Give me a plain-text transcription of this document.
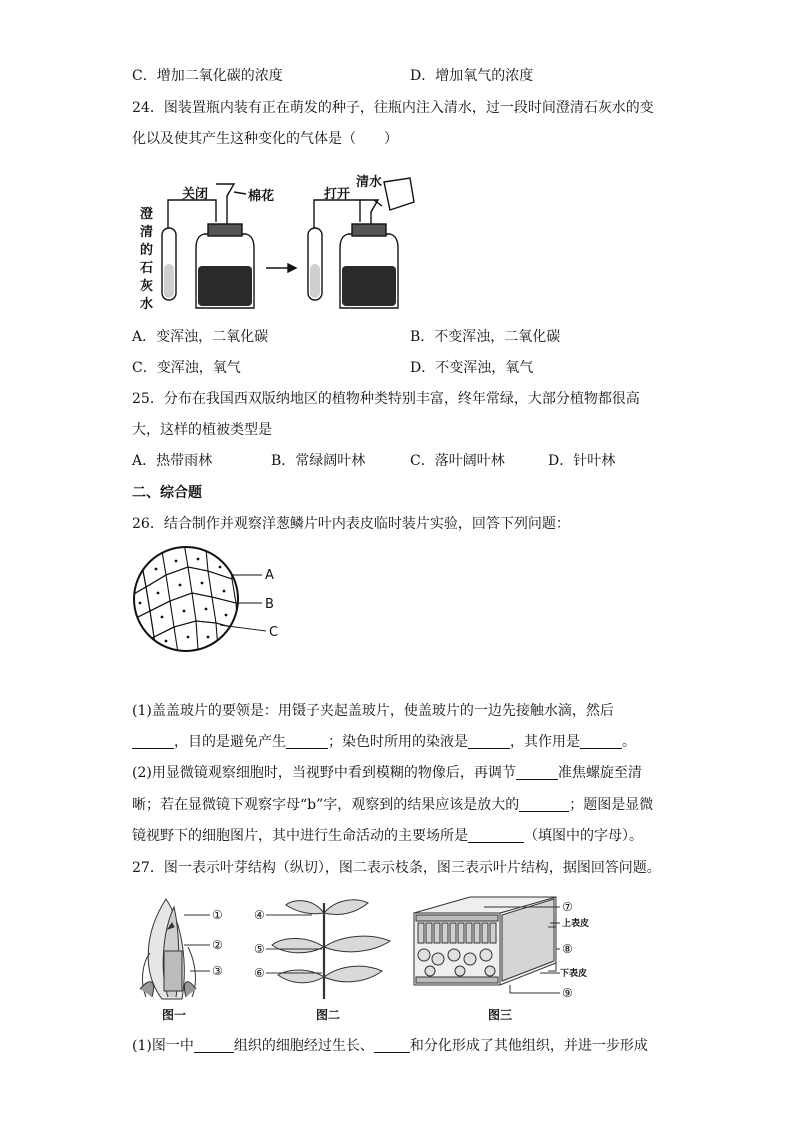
C．增加二氧化碳的浓度	D．增加氧气的浓度
24．图装置瓶内装有正在萌发的种子，往瓶内注入清水，过一段时间澄清石灰水的变
化以及使其产生这种变化的气体是（　　）
澄
清
的
石
灰
水
关闭	棉花	打开
清水
A．变浑浊，二氧化碳	B．不变浑浊，二氧化碳
C．变浑浊，氧气	D．不变浑浊，氧气
25．分布在我国西双版纳地区的植物种类特别丰富，终年常绿，大部分植物都很高
大，这样的植被类型是
A．热带雨林	B．常绿阔叶林	C．落叶阔叶林	D．针叶林
二、综合题
26．结合制作并观察洋葱鳞片叶内表皮临时装片实验，回答下列问题：
A
B
C
(1)盖盖玻片的要领是：用镊子夹起盖玻片，使盖玻片的一边先接触水滴，然后
，目的是避免产生	；染色时所用的染液是	，其作用是	。
(2)用显微镜观察细胞时，当视野中看到模糊的物像后，再调节	准焦螺旋至清
晰；若在显微镜下观察字母“b”字，观察到的结果应该是放大的	；题图是显微
镜视野下的细胞图片，其中进行生命活动的主要场所是	（填图中的字母）。
27．图一表示叶芽结构（纵切），图二表示枝条，图三表示叶片结构，据图回答问题。
①
②
③
图一
④
⑤
⑥
图二
⑦
⑧
⑨
上表皮
下表皮
图三
(1)图一中	组织的细胞经过生长、	和分化形成了其他组织，并进一步形成
